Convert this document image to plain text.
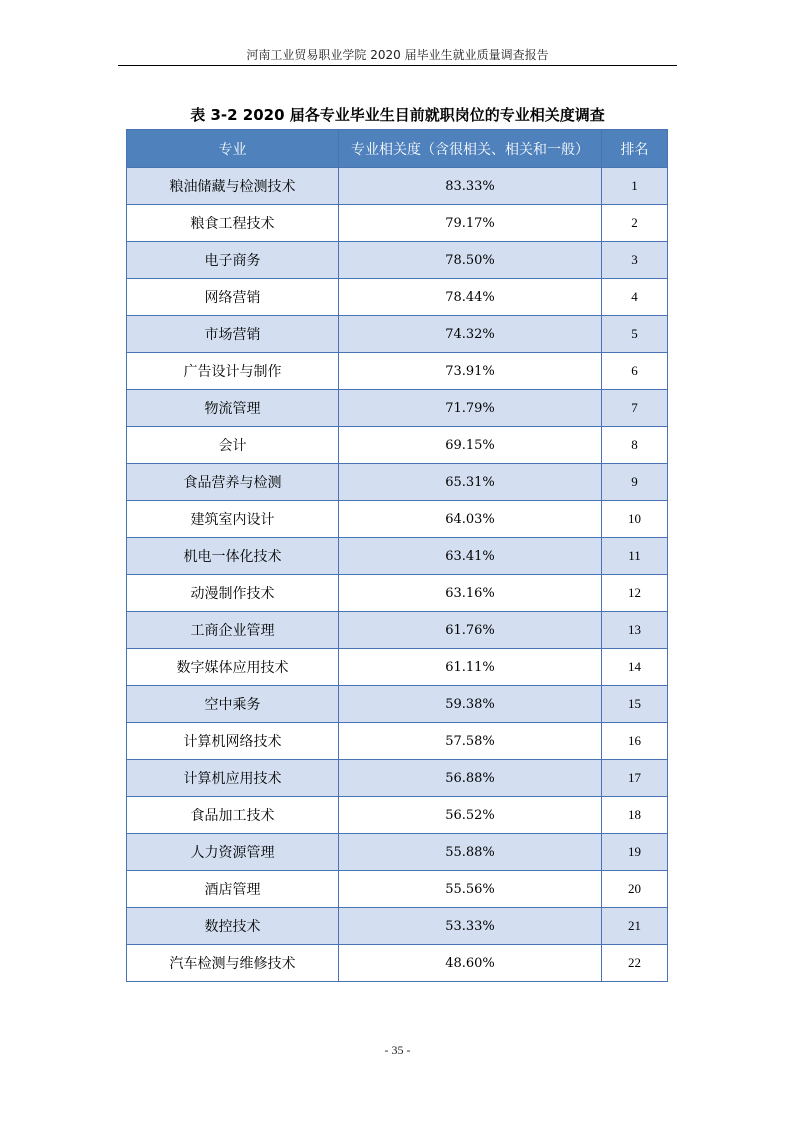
河南工业贸易职业学院 2020 届毕业生就业质量调查报告
表 3-2 2020 届各专业毕业生目前就职岗位的专业相关度调查
专业	专业相关度（含很相关、相关和一般）	排名
粮油储藏与检测技术	83.33%	1
粮食工程技术	79.17%	2
电子商务	78.50%	3
网络营销	78.44%	4
市场营销	74.32%	5
广告设计与制作	73.91%	6
物流管理	71.79%	7
会计	69.15%	8
食品营养与检测	65.31%	9
建筑室内设计	64.03%	10
机电一体化技术	63.41%	11
动漫制作技术	63.16%	12
工商企业管理	61.76%	13
数字媒体应用技术	61.11%	14
空中乘务	59.38%	15
计算机网络技术	57.58%	16
计算机应用技术	56.88%	17
食品加工技术	56.52%	18
人力资源管理	55.88%	19
酒店管理	55.56%	20
数控技术	53.33%	21
汽车检测与维修技术	48.60%	22
- 35 -
